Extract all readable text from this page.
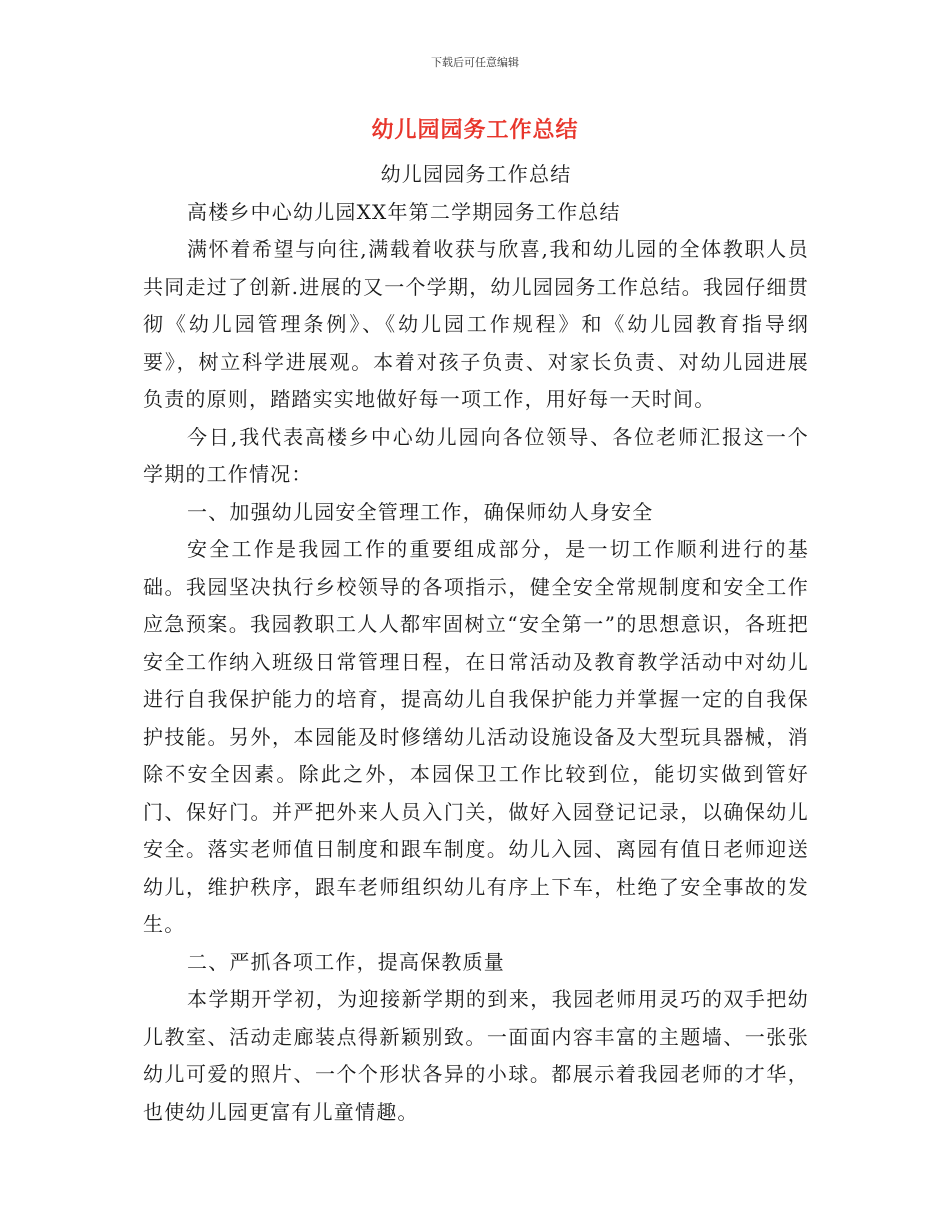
下载后可任意编辑
幼儿园园务工作总结

幼儿园园务工作总结

高楼乡中心幼儿园XX年第二学期园务工作总结

满怀着希望与向往,满载着收获与欣喜,我和幼儿园的全体教职人员共同走过了创新.进展的又一个学期，幼儿园园务工作总结。我园仔细贯彻《幼儿园管理条例》、《幼儿园工作规程》和《幼儿园教育指导纲要》，树立科学进展观。本着对孩子负责、对家长负责、对幼儿园进展负责的原则，踏踏实实地做好每一项工作，用好每一天时间。

今日,我代表高楼乡中心幼儿园向各位领导、各位老师汇报这一个学期的工作情况：

一、加强幼儿园安全管理工作，确保师幼人身安全

安全工作是我园工作的重要组成部分，是一切工作顺利进行的基础。我园坚决执行乡校领导的各项指示，健全安全常规制度和安全工作应急预案。我园教职工人人都牢固树立“安全第一”的思想意识，各班把安全工作纳入班级日常管理日程，在日常活动及教育教学活动中对幼儿进行自我保护能力的培育，提高幼儿自我保护能力并掌握一定的自我保护技能。另外，本园能及时修缮幼儿活动设施设备及大型玩具器械，消除不安全因素。除此之外，本园保卫工作比较到位，能切实做到管好门、保好门。并严把外来人员入门关，做好入园登记记录，以确保幼儿安全。落实老师值日制度和跟车制度。幼儿入园、离园有值日老师迎送幼儿，维护秩序，跟车老师组织幼儿有序上下车，杜绝了安全事故的发生。

二、严抓各项工作，提高保教质量

本学期开学初，为迎接新学期的到来，我园老师用灵巧的双手把幼儿教室、活动走廊装点得新颖别致。一面面内容丰富的主题墙、一张张幼儿可爱的照片、一个个形状各异的小球。都展示着我园老师的才华，也使幼儿园更富有儿童情趣。
